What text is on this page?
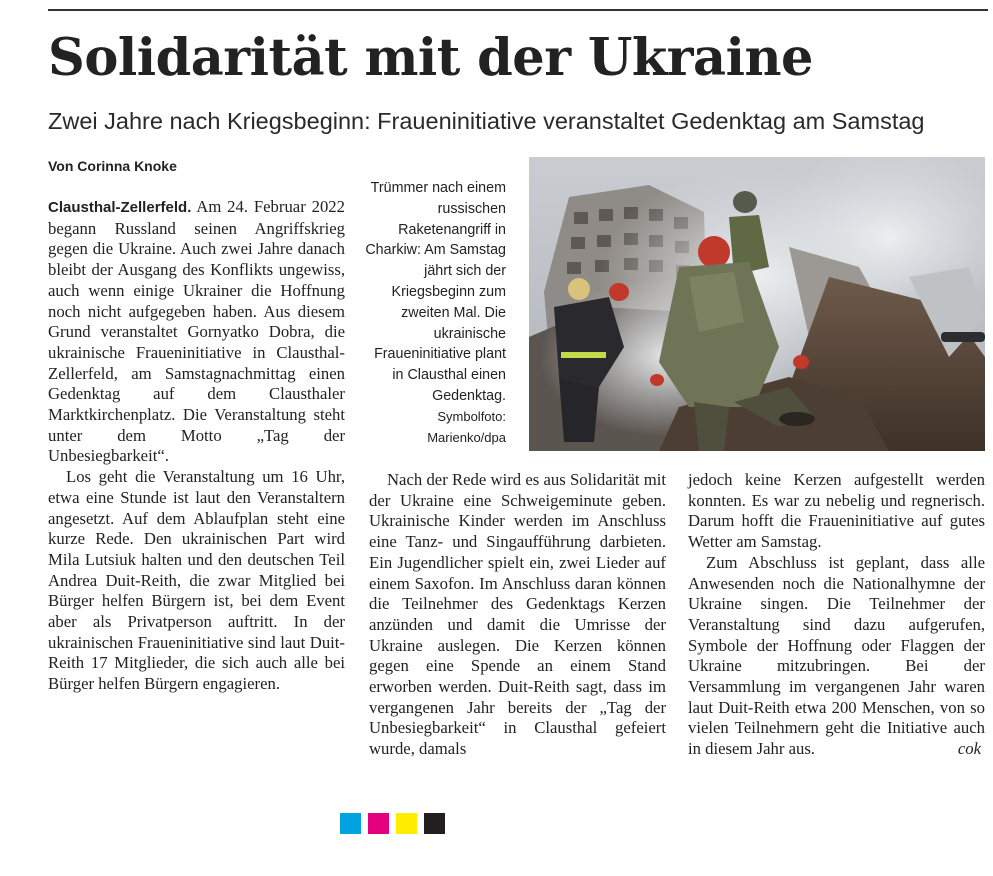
Solidarität mit der Ukraine
Zwei Jahre nach Kriegsbeginn: Fraueninitiative veranstaltet Gedenktag am Samstag
Von Corinna Knoke

Clausthal-Zellerfeld. Am 24. Februar 2022 begann Russland seinen Angriffskrieg gegen die Ukraine. Auch zwei Jahre danach bleibt der Ausgang des Konflikts ungewiss, auch wenn einige Ukrainer die Hoffnung noch nicht aufgegeben haben. Aus diesem Grund veranstaltet Gornyatko Dobra, die ukrainische Fraueninitiative in Clausthal-Zellerfeld, am Samstagnachmittag einen Gedenktag auf dem Clausthaler Marktkirchenplatz. Die Veranstaltung steht unter dem Motto „Tag der Unbesiegbarkeit“.

Los geht die Veranstaltung um 16 Uhr, etwa eine Stunde ist laut den Veranstaltern angesetzt. Auf dem Ablaufplan steht eine kurze Rede. Den ukrainischen Part wird Mila Lutsiuk halten und den deutschen Teil Andrea Duit-Reith, die zwar Mitglied bei Bürger helfen Bürgern ist, bei dem Event aber als Privatperson auftritt. In der ukrainischen Fraueninitiative sind laut Duit-Reith 17 Mitglieder, die sich auch alle bei Bürger helfen Bürgern engagieren.

Trümmer nach einem russischen Raketenangriff in Charkiw: Am Samstag jährt sich der Kriegsbeginn zum zweiten Mal. Die ukrainische Fraueninitiative plant in Clausthal einen Gedenktag.
Symbolfoto: Marienko/dpa

Nach der Rede wird es aus Solidarität mit der Ukraine eine Schweigeminute geben. Ukrainische Kinder werden im Anschluss eine Tanz- und Singaufführung darbieten. Ein Jugendlicher spielt ein, zwei Lieder auf einem Saxofon. Im Anschluss daran können die Teilnehmer des Gedenktags Kerzen anzünden und damit die Umrisse der Ukraine auslegen. Die Kerzen können gegen eine Spende an einem Stand erworben werden. Duit-Reith sagt, dass im vergangenen Jahr bereits der „Tag der Unbesiegbarkeit“ in Clausthal gefeiert wurde, damals

jedoch keine Kerzen aufgestellt werden konnten. Es war zu nebelig und regnerisch. Darum hofft die Fraueninitiative auf gutes Wetter am Samstag.

Zum Abschluss ist geplant, dass alle Anwesenden noch die Nationalhymne der Ukraine singen. Die Teilnehmer der Veranstaltung sind dazu aufgerufen, Symbole der Hoffnung oder Flaggen der Ukraine mitzubringen. Bei der Versammlung im vergangenen Jahr waren laut Duit-Reith etwa 200 Menschen, von so vielen Teilnehmern geht die Initiative auch in diesem Jahr aus.	cok
